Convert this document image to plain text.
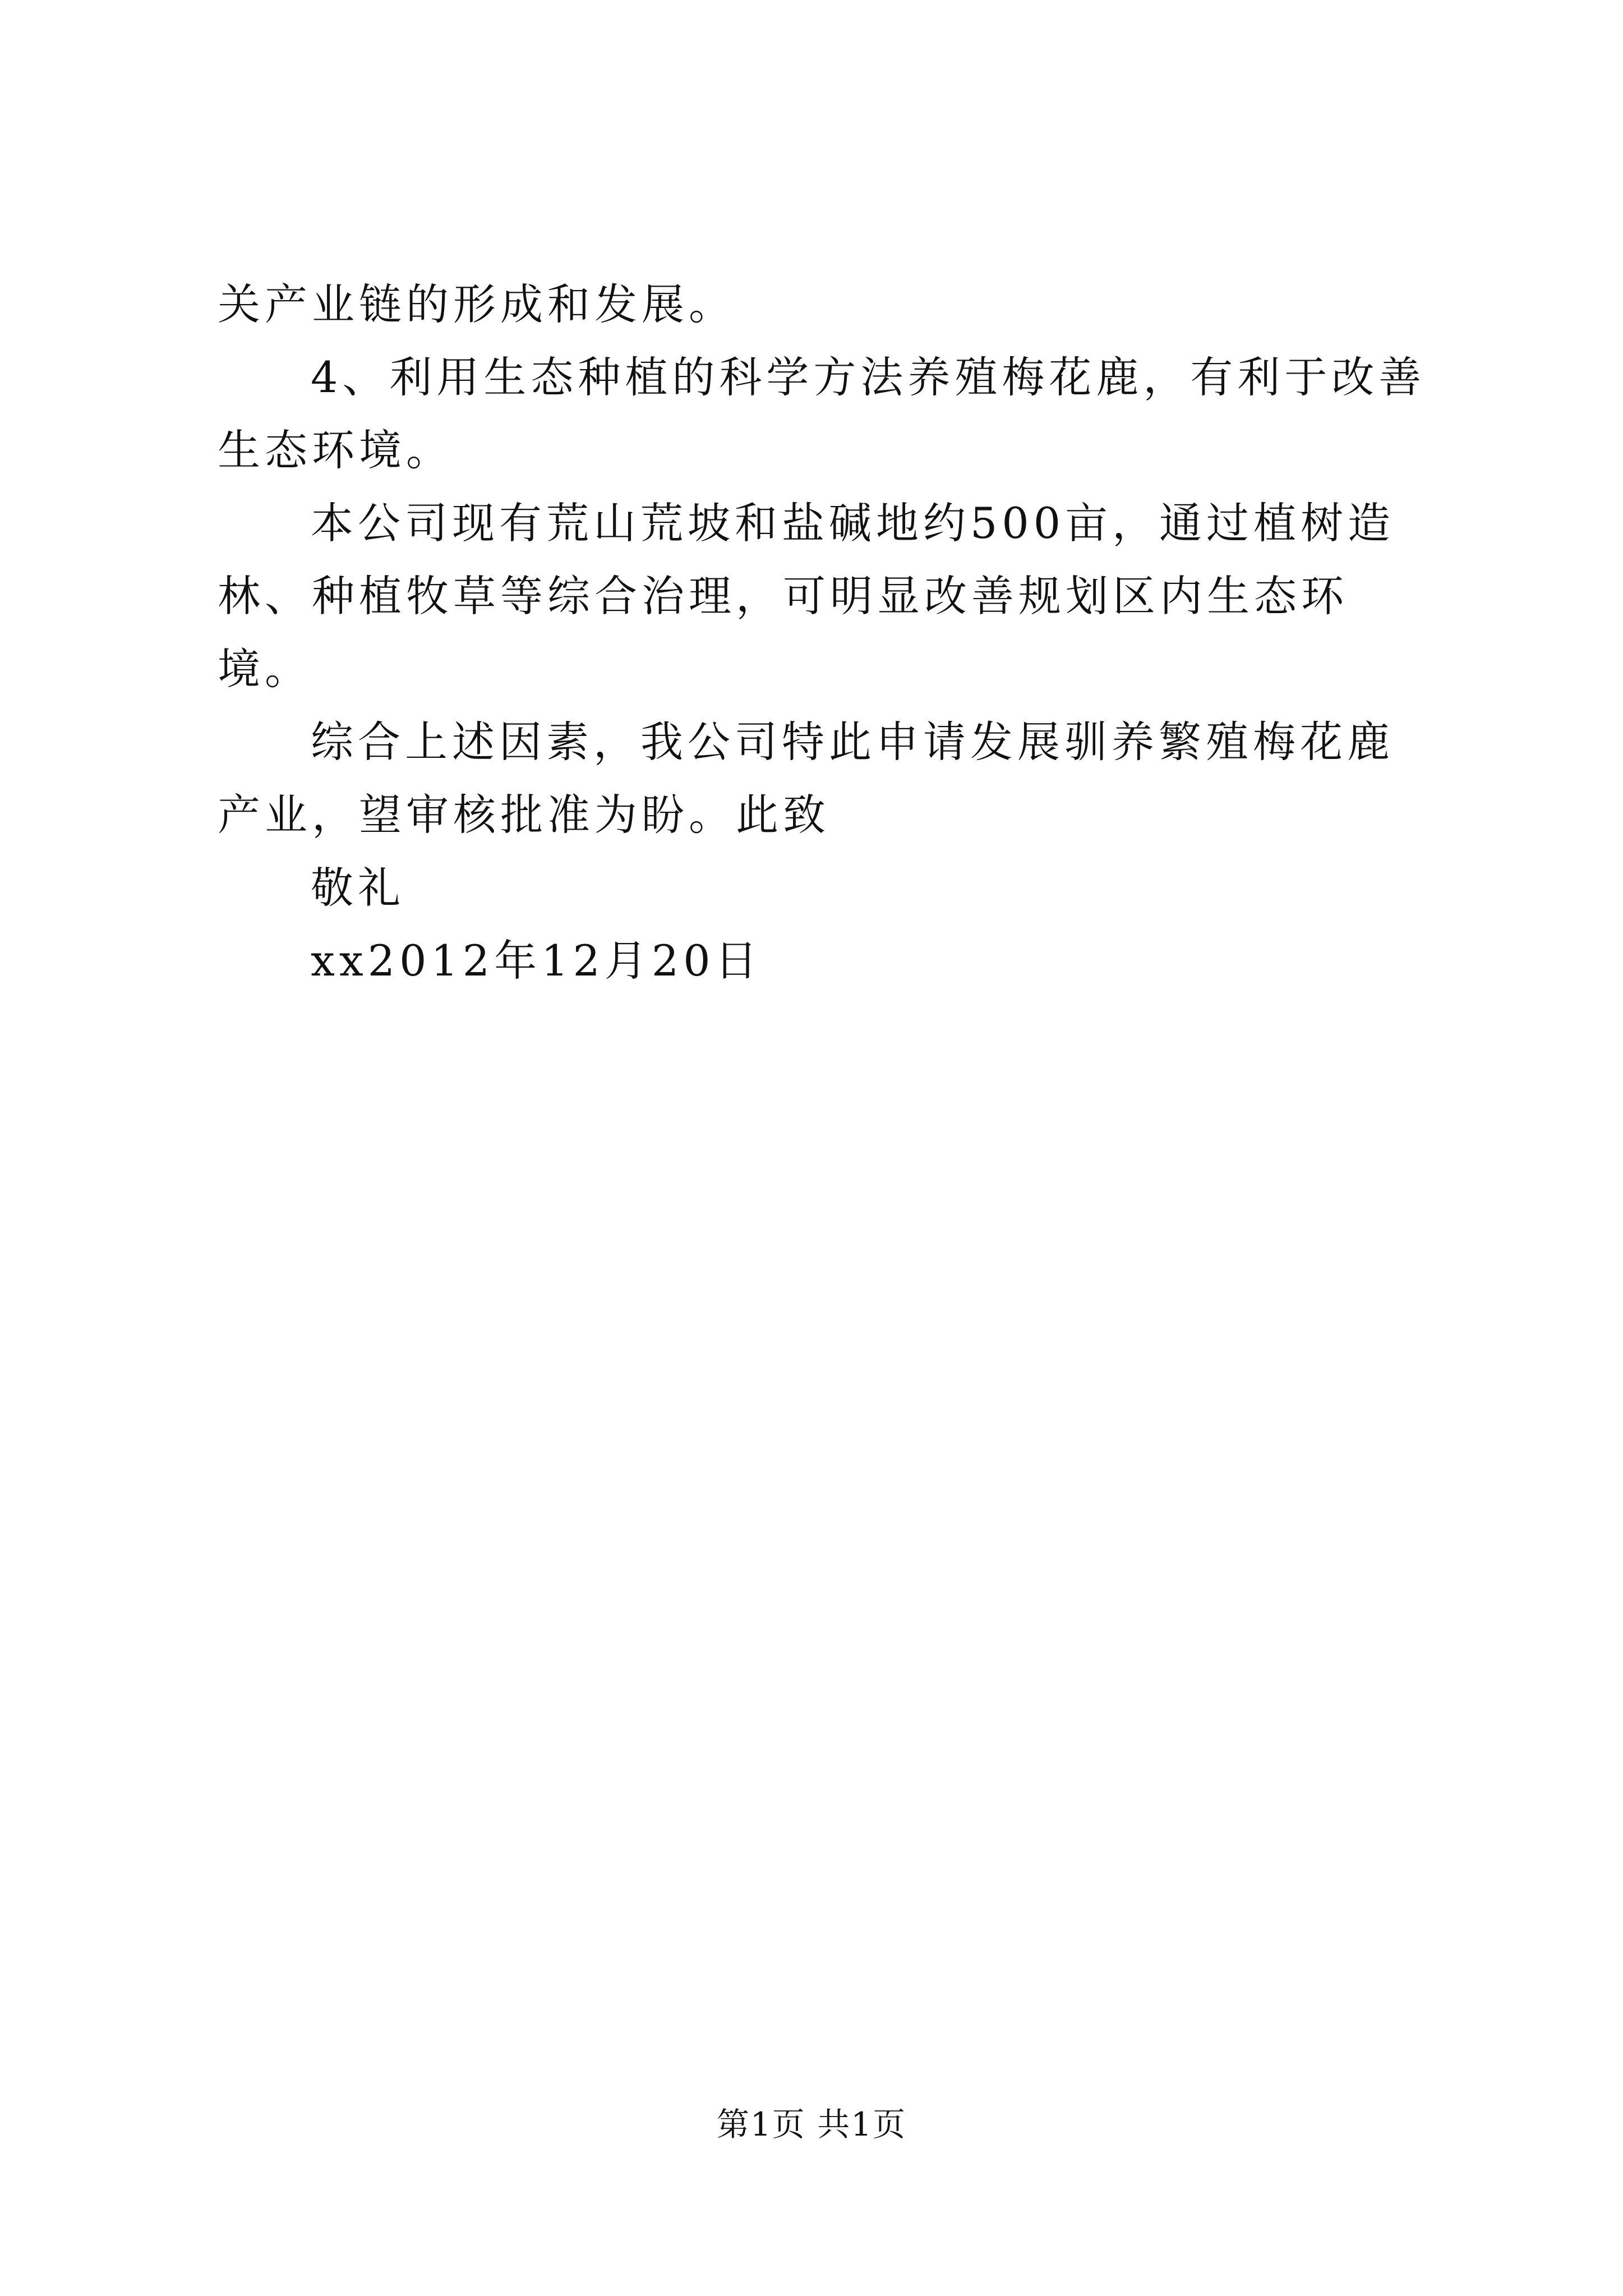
关产业链的形成和发展。

4、利用生态种植的科学方法养殖梅花鹿，有利于改善生态环境。

本公司现有荒山荒坡和盐碱地约500亩，通过植树造林、种植牧草等综合治理，可明显改善规划区内生态环境。

综合上述因素，我公司特此申请发展驯养繁殖梅花鹿产业，望审核批准为盼。此致

敬礼

xx2012年12月20日

第1页 共1页
